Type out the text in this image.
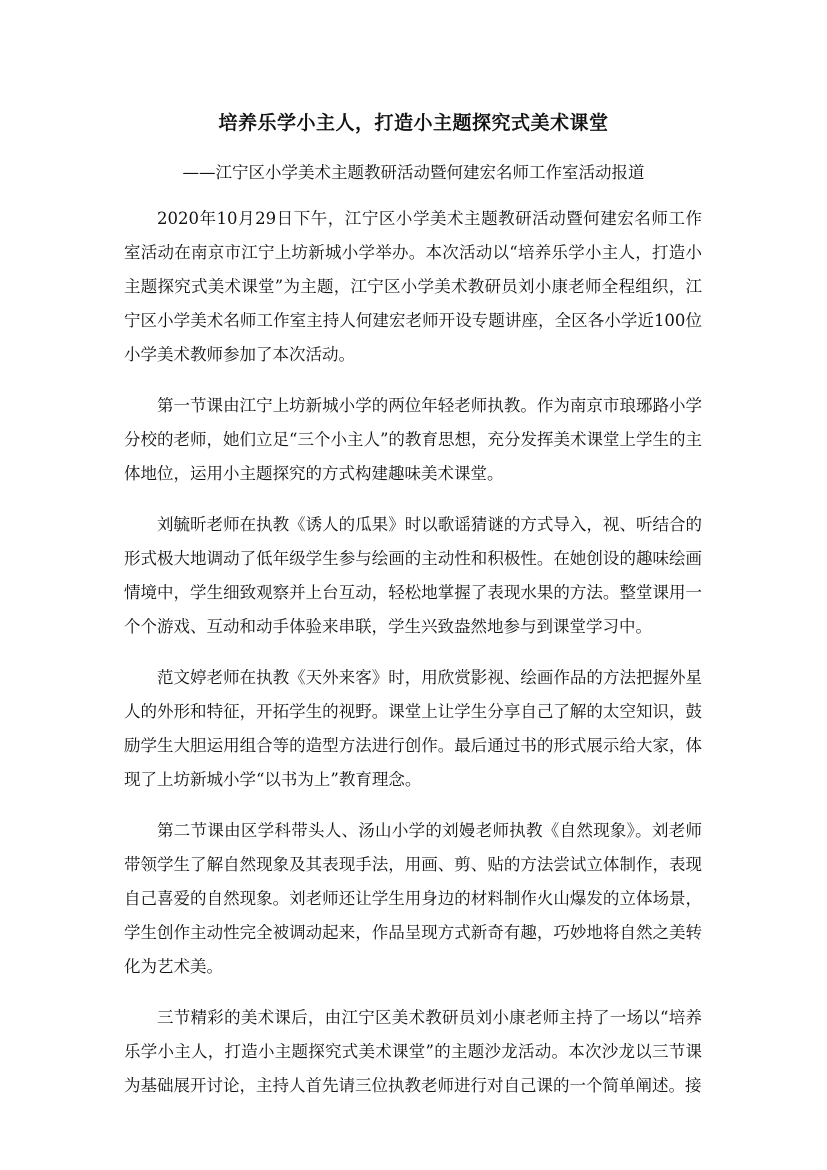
培养乐学小主人，打造小主题探究式美术课堂

——江宁区小学美术主题教研活动暨何建宏名师工作室活动报道

2020年10月29日下午，江宁区小学美术主题教研活动暨何建宏名师工作室活动在南京市江宁上坊新城小学举办。本次活动以“培养乐学小主人，打造小主题探究式美术课堂”为主题，江宁区小学美术教研员刘小康老师全程组织，江宁区小学美术名师工作室主持人何建宏老师开设专题讲座，全区各小学近100位小学美术教师参加了本次活动。

第一节课由江宁上坊新城小学的两位年轻老师执教。作为南京市琅琊路小学分校的老师，她们立足“三个小主人”的教育思想，充分发挥美术课堂上学生的主体地位，运用小主题探究的方式构建趣味美术课堂。

刘毓昕老师在执教《诱人的瓜果》时以歌谣猜谜的方式导入，视、听结合的形式极大地调动了低年级学生参与绘画的主动性和积极性。在她创设的趣味绘画情境中，学生细致观察并上台互动，轻松地掌握了表现水果的方法。整堂课用一个个游戏、互动和动手体验来串联，学生兴致盎然地参与到课堂学习中。

范文婷老师在执教《天外来客》时，用欣赏影视、绘画作品的方法把握外星人的外形和特征，开拓学生的视野。课堂上让学生分享自己了解的太空知识，鼓励学生大胆运用组合等的造型方法进行创作。最后通过书的形式展示给大家，体现了上坊新城小学“以书为上”教育理念。

第二节课由区学科带头人、汤山小学的刘嫚老师执教《自然现象》。刘老师带领学生了解自然现象及其表现手法，用画、剪、贴的方法尝试立体制作，表现自己喜爱的自然现象。刘老师还让学生用身边的材料制作火山爆发的立体场景，学生创作主动性完全被调动起来，作品呈现方式新奇有趣，巧妙地将自然之美转化为艺术美。

三节精彩的美术课后，由江宁区美术教研员刘小康老师主持了一场以“培养乐学小主人，打造小主题探究式美术课堂”的主题沙龙活动。本次沙龙以三节课为基础展开讨论，主持人首先请三位执教老师进行对自己课的一个简单阐述。接
